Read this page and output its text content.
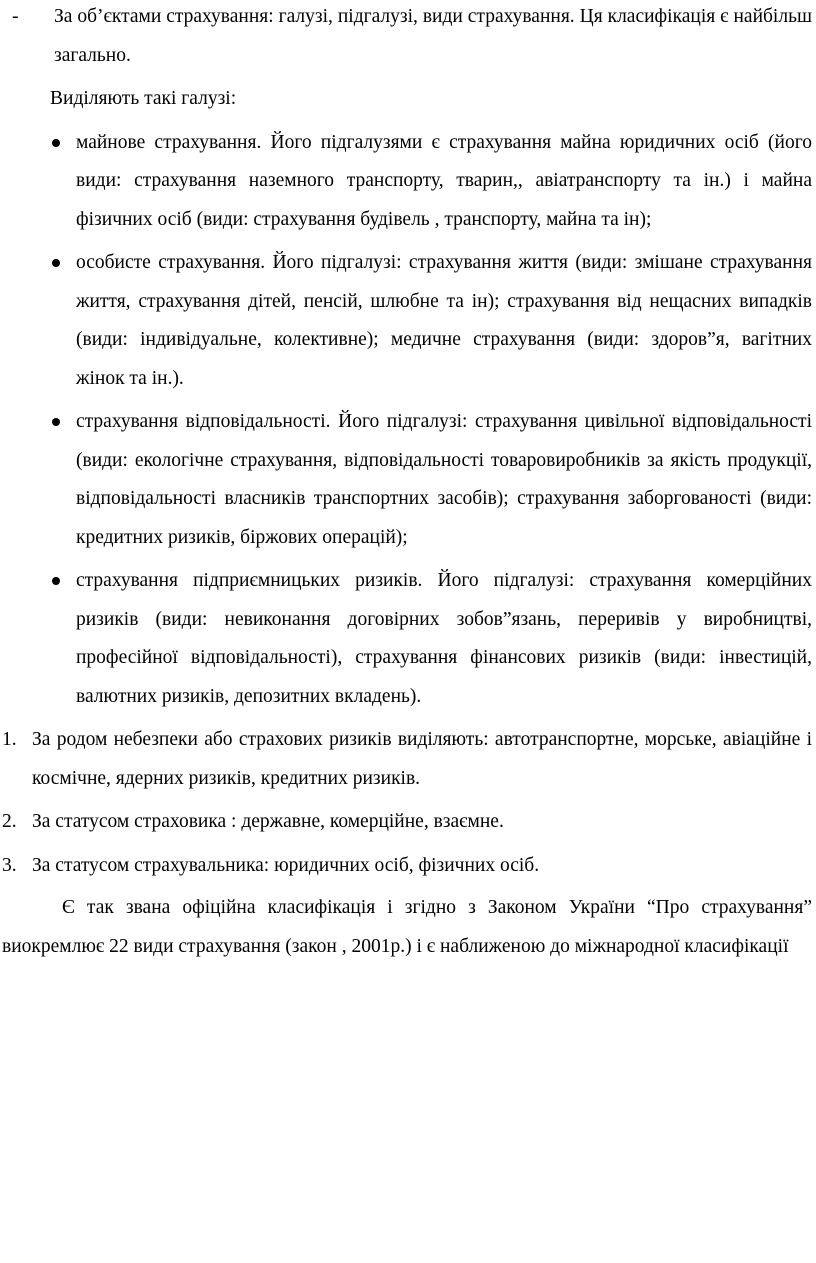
- За об’єктами страхування: галузі, підгалузі, види страхування. Ця класифікація є найбільш загально.

Виділяють такі галузі:

майнове страхування. Його підгалузями є страхування майна юридичних осіб (його види: страхування наземного транспорту, тварин,, авіатранспорту та ін.) і майна фізичних осіб (види: страхування будівель , транспорту, майна та ін);
особисте страхування. Його підгалузі: страхування життя (види: змішане страхування життя, страхування дітей, пенсій, шлюбне та ін); страхування від нещасних випадків (види: індивідуальне, колективне); медичне страхування (види: здоров”я, вагітних жінок та ін.).
страхування відповідальності. Його підгалузі: страхування цивільної відповідальності (види: екологічне страхування, відповідальності товаровиробників за якість продукції, відповідальності власників транспортних засобів); страхування заборгованості (види: кредитних ризиків, біржових операцій);
страхування підприємницьких ризиків. Його підгалузі: страхування комерційних ризиків (види: невиконання договірних зобов”язань, переривів у виробництві, професійної відповідальності), страхування фінансових ризиків (види: інвестицій, валютних ризиків, депозитних вкладень).
1. За родом небезпеки або страхових ризиків виділяють: автотранспортне, морське, авіаційне і космічне, ядерних ризиків, кредитних ризиків.
2. За статусом страховика : державне, комерційне, взаємне.
3. За статусом страхувальника: юридичних осіб, фізичних осіб.

Є так звана офіційна класифікація і згідно з Законом України “Про страхування” виокремлює 22 види страхування (закон , 2001р.) і є наближеною до міжнародної класифікації
